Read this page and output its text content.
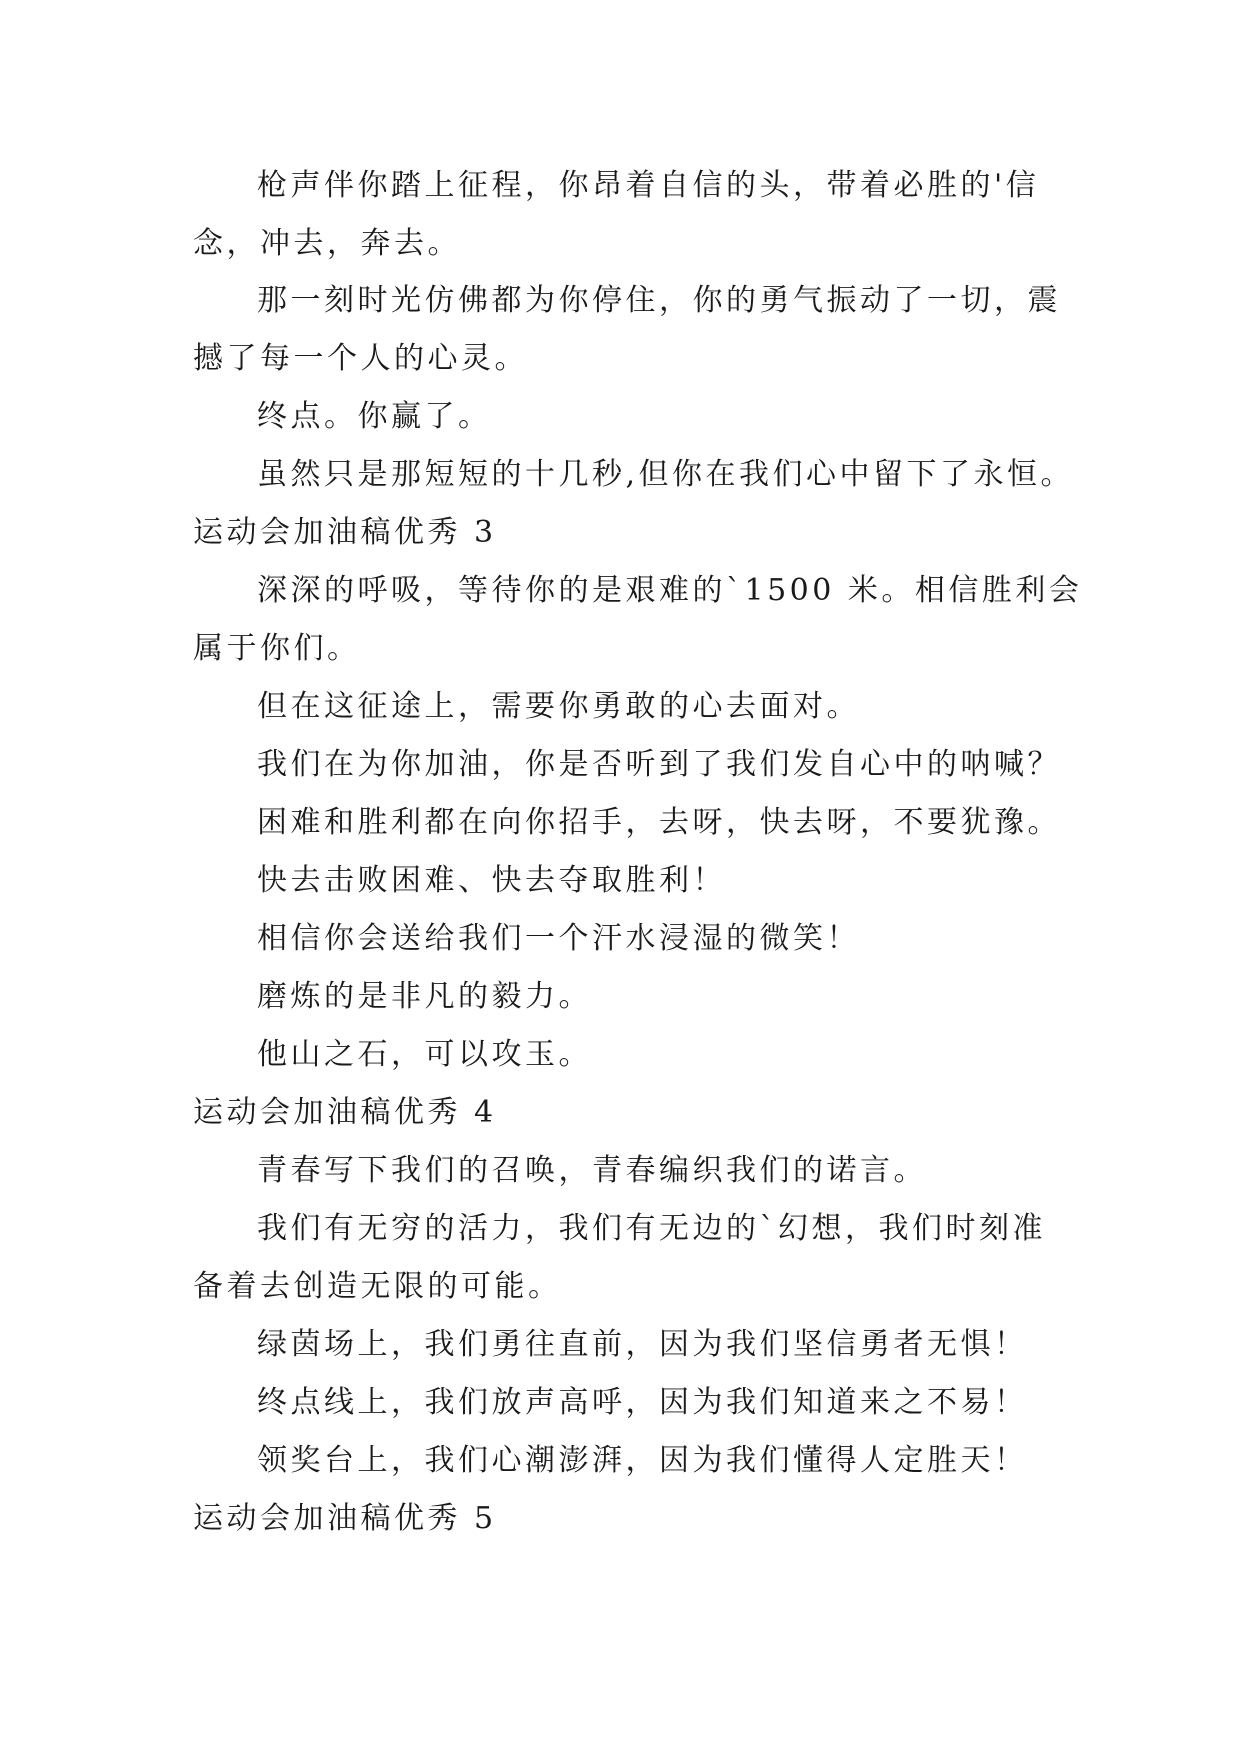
枪声伴你踏上征程，你昂着自信的头，带着必胜的'信
念，冲去，奔去。
那一刻时光仿佛都为你停住，你的勇气振动了一切，震
撼了每一个人的心灵。
终点。你赢了。
虽然只是那短短的十几秒,但你在我们心中留下了永恒。
运动会加油稿优秀 3
深深的呼吸，等待你的是艰难的`1500 米。相信胜利会
属于你们。
但在这征途上，需要你勇敢的心去面对。
我们在为你加油，你是否听到了我们发自心中的呐喊？
困难和胜利都在向你招手，去呀，快去呀，不要犹豫。
快去击败困难、快去夺取胜利！
相信你会送给我们一个汗水浸湿的微笑！
磨炼的是非凡的毅力。
他山之石，可以攻玉。
运动会加油稿优秀 4
青春写下我们的召唤，青春编织我们的诺言。
我们有无穷的活力，我们有无边的`幻想，我们时刻准
备着去创造无限的可能。
绿茵场上，我们勇往直前，因为我们坚信勇者无惧！
终点线上，我们放声高呼，因为我们知道来之不易！
领奖台上，我们心潮澎湃，因为我们懂得人定胜天！
运动会加油稿优秀 5
